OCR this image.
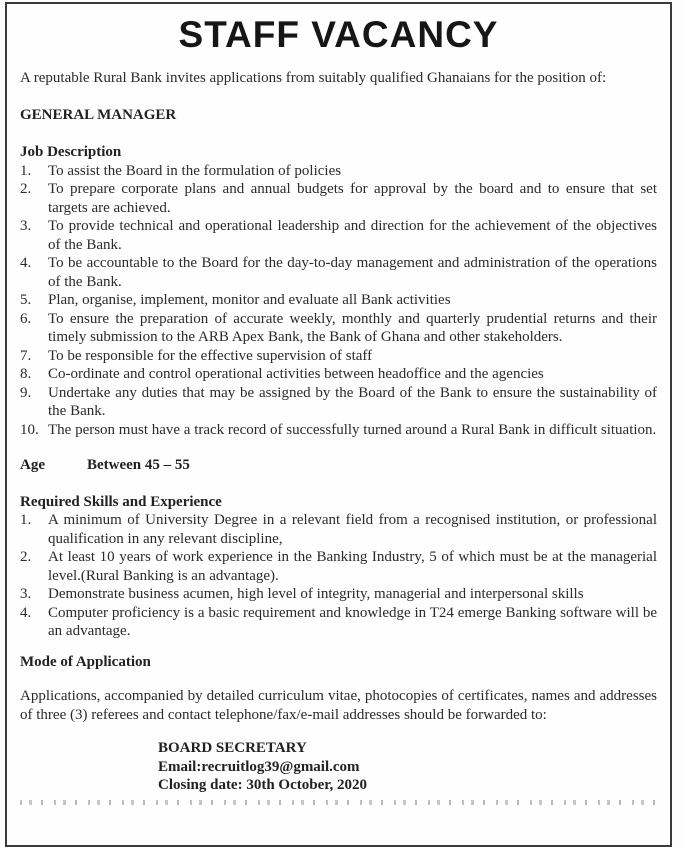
STAFF VACANCY

A reputable Rural Bank invites applications from suitably qualified Ghanaians for the position of:

GENERAL MANAGER
Job Description
1.	To assist the Board in the formulation of policies
2.	To prepare corporate plans and annual budgets for approval by the board and to ensure that set targets are achieved.
3.	To provide technical and operational leadership and direction for the achievement of the objectives of the Bank.
4.	To be accountable to the Board for the day-to-day management and administration of the operations of the Bank.
5.	Plan, organise, implement, monitor and evaluate all Bank activities
6.	To ensure the preparation of accurate weekly, monthly and quarterly prudential returns and their timely submission to the ARB Apex Bank, the Bank of Ghana and other stakeholders.
7.	To be responsible for the effective supervision of staff
8.	Co-ordinate and control operational activities between headoffice and the agencies
9.	Undertake any duties that may be assigned by the Board of the Bank to ensure the sustainability of the Bank.
10. The person must have a track record of successfully turned around a Rural Bank in difficult situation.
Age	Between 45 – 55
Required Skills and Experience
1.	A minimum of University Degree in a relevant field from a recognised institution, or professional qualification in any relevant discipline,
2.	At least 10 years of work experience in the Banking Industry, 5 of which must be at the managerial level.(Rural Banking is an advantage).
3.	Demonstrate business acumen, high level of integrity, managerial and interpersonal skills
4.	Computer proficiency is a basic requirement and knowledge in T24 emerge Banking software will be an advantage.
Mode of Application

Applications, accompanied by detailed curriculum vitae, photocopies of certificates, names and addresses of three (3) referees and contact telephone/fax/e-mail addresses should be forwarded to:

BOARD SECRETARY
Email:recruitlog39@gmail.com
Closing date: 30th October, 2020
